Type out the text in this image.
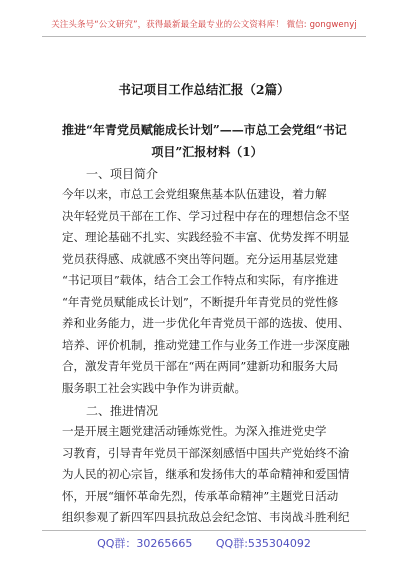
关注头条号“公文研究”，获得最新最全最专业的公文资料库！ 微信: gongwenyj
书记项目工作总结汇报（2篇）
推进“年青党员赋能成长计划”——市总工会党组“书记
项目”汇报材料（1）
一、项目简介

今年以来，市总工会党组聚焦基本队伍建设，着力解

决年轻党员干部在工作、学习过程中存在的理想信念不坚

定、理论基础不扎实、实践经验不丰富、优势发挥不明显

党员获得感、成就感不突出等问题。充分运用基层党建

“书记项目”载体，结合工会工作特点和实际，有序推进

“年青党员赋能成长计划”，不断提升年青党员的党性修

养和业务能力，进一步优化年青党员干部的选拔、使用、

培养、评价机制，推动党建工作与业务工作进一步深度融

合，激发青年党员干部在“两在两同”建新功和服务大局

服务职工社会实践中争作为讲贡献。

二、推进情况

一是开展主题党建活动锤炼党性。为深入推进党史学

习教育，引导青年党员干部深刻感悟中国共产党始终不渝

为人民的初心宗旨，继承和发扬伟大的革命精神和爱国情

怀，开展“缅怀革命先烈，传承革命精神”主题党日活动

组织参观了新四军四县抗敌总会纪念馆、韦岗战斗胜利纪

QQ群：30265665 QQ群:535304092
